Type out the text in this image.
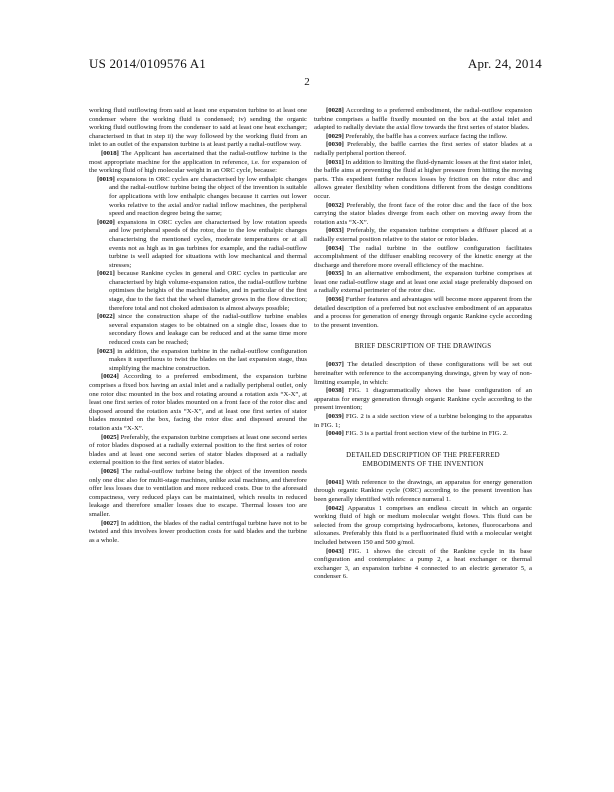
US 2014/0109576 A1	Apr. 24, 2014
2

working fluid outflowing from said at least one expansion turbine to at least one condenser where the working fluid is condensed; iv) sending the organic working fluid outflowing from the condenser to said at least one heat exchanger; characterised in that in step ii) the way followed by the working fluid from an inlet to an outlet of the expansion turbine is at least partly a radial-outflow way.

[0018] The Applicant has ascertained that the radial-outflow turbine is the most appropriate machine for the application in reference, i.e. for expansion of the working fluid of high molecular weight in an ORC cycle, because:

[0019] expansions in ORC cycles are characterised by low enthalpic changes and the radial-outflow turbine being the object of the invention is suitable for applications with low enthalpic changes because it carries out lower works relative to the axial and/or radial inflow machines, the peripheral speed and reaction degree being the same;

[0020] expansions in ORC cycles are characterised by low rotation speeds and low peripheral speeds of the rotor, due to the low enthalpic changes characterising the mentioned cycles, moderate temperatures or at all events not as high as in gas turbines for example, and the radial-outflow turbine is well adapted for situations with low mechanical and thermal stresses;

[0021] because Rankine cycles in general and ORC cycles in particular are characterised by high volume-expansion ratios, the radial-outflow turbine optimises the heights of the machine blades, and in particular of the first stage, due to the fact that the wheel diameter grows in the flow direction; therefore total and not choked admission is almost always possible;

[0022] since the construction shape of the radial-outflow turbine enables several expansion stages to be obtained on a single disc, losses due to secondary flows and leakage can be reduced and at the same time more reduced costs can be reached;

[0023] in addition, the expansion turbine in the radial-outflow configuration makes it superfluous to twist the blades on the last expansion stage, thus simplifying the machine construction.

[0024] According to a preferred embodiment, the expansion turbine comprises a fixed box having an axial inlet and a radially peripheral outlet, only one rotor disc mounted in the box and rotating around a rotation axis “X-X”, at least one first series of rotor blades mounted on a front face of the rotor disc and disposed around the rotation axis “X-X”, and at least one first series of stator blades mounted on the box, facing the rotor disc and disposed around the rotation axis “X-X”.

[0025] Preferably, the expansion turbine comprises at least one second series of rotor blades disposed at a radially external position to the first series of rotor blades and at least one second series of stator blades disposed at a radially external position to the first series of stator blades.

[0026] The radial-outflow turbine being the object of the invention needs only one disc also for multi-stage machines, unlike axial machines, and therefore offer less losses due to ventilation and more reduced costs. Due to the aforesaid compactness, very reduced plays can be maintained, which results in reduced leakage and therefore smaller losses due to escape. Thermal losses too are smaller.

[0027] In addition, the blades of the radial centrifugal turbine have not to be twisted and this involves lower production costs for said blades and the turbine as a whole.

[0028] According to a preferred embodiment, the radial-outflow expansion turbine comprises a baffle fixedly mounted on the box at the axial inlet and adapted to radially deviate the axial flow towards the first series of stator blades.

[0029] Preferably, the baffle has a convex surface facing the inflow.

[0030] Preferably, the baffle carries the first series of stator blades at a radially peripheral portion thereof.

[0031] In addition to limiting the fluid-dynamic losses at the first stator inlet, the baffle aims at preventing the fluid at higher pressure from hitting the moving parts. This expedient further reduces losses by friction on the rotor disc and allows greater flexibility when conditions different from the design conditions occur.

[0032] Preferably, the front face of the rotor disc and the face of the box carrying the stator blades diverge from each other on moving away from the rotation axis “X-X”.

[0033] Preferably, the expansion turbine comprises a diffuser placed at a radially external position relative to the stator or rotor blades.

[0034] The radial turbine in the outflow configuration facilitates accomplishment of the diffuser enabling recovery of the kinetic energy at the discharge and therefore more overall efficiency of the machine.

[0035] In an alternative embodiment, the expansion turbine comprises at least one radial-outflow stage and at least one axial stage preferably disposed on a radially external perimeter of the rotor disc.

[0036] Further features and advantages will become more apparent from the detailed description of a preferred but not exclusive embodiment of an apparatus and a process for generation of energy through organic Rankine cycle according to the present invention.

BRIEF DESCRIPTION OF THE DRAWINGS

[0037] The detailed description of these configurations will be set out hereinafter with reference to the accompanying drawings, given by way of non-limiting example, in which:

[0038] FIG. 1 diagrammatically shows the base configuration of an apparatus for energy generation through organic Rankine cycle according to the present invention;

[0039] FIG. 2 is a side section view of a turbine belonging to the apparatus in FIG. 1;

[0040] FIG. 3 is a partial front section view of the turbine in FIG. 2.

DETAILED DESCRIPTION OF THE PREFERRED
EMBODIMENTS OF THE INVENTION

[0041] With reference to the drawings, an apparatus for energy generation through organic Rankine cycle (ORC) according to the present invention has been generally identified with reference numeral 1.

[0042] Apparatus 1 comprises an endless circuit in which an organic working fluid of high or medium molecular weight flows. This fluid can be selected from the group comprising hydrocarbons, ketones, fluorocarbons and siloxanes. Preferably this fluid is a perfluorinated fluid with a molecular weight included between 150 and 500 g/mol.

[0043] FIG. 1 shows the circuit of the Rankine cycle in its base configuration and contemplates: a pump 2, a heat exchanger or thermal exchanger 3, an expansion turbine 4 connected to an electric generator 5, a condenser 6.
